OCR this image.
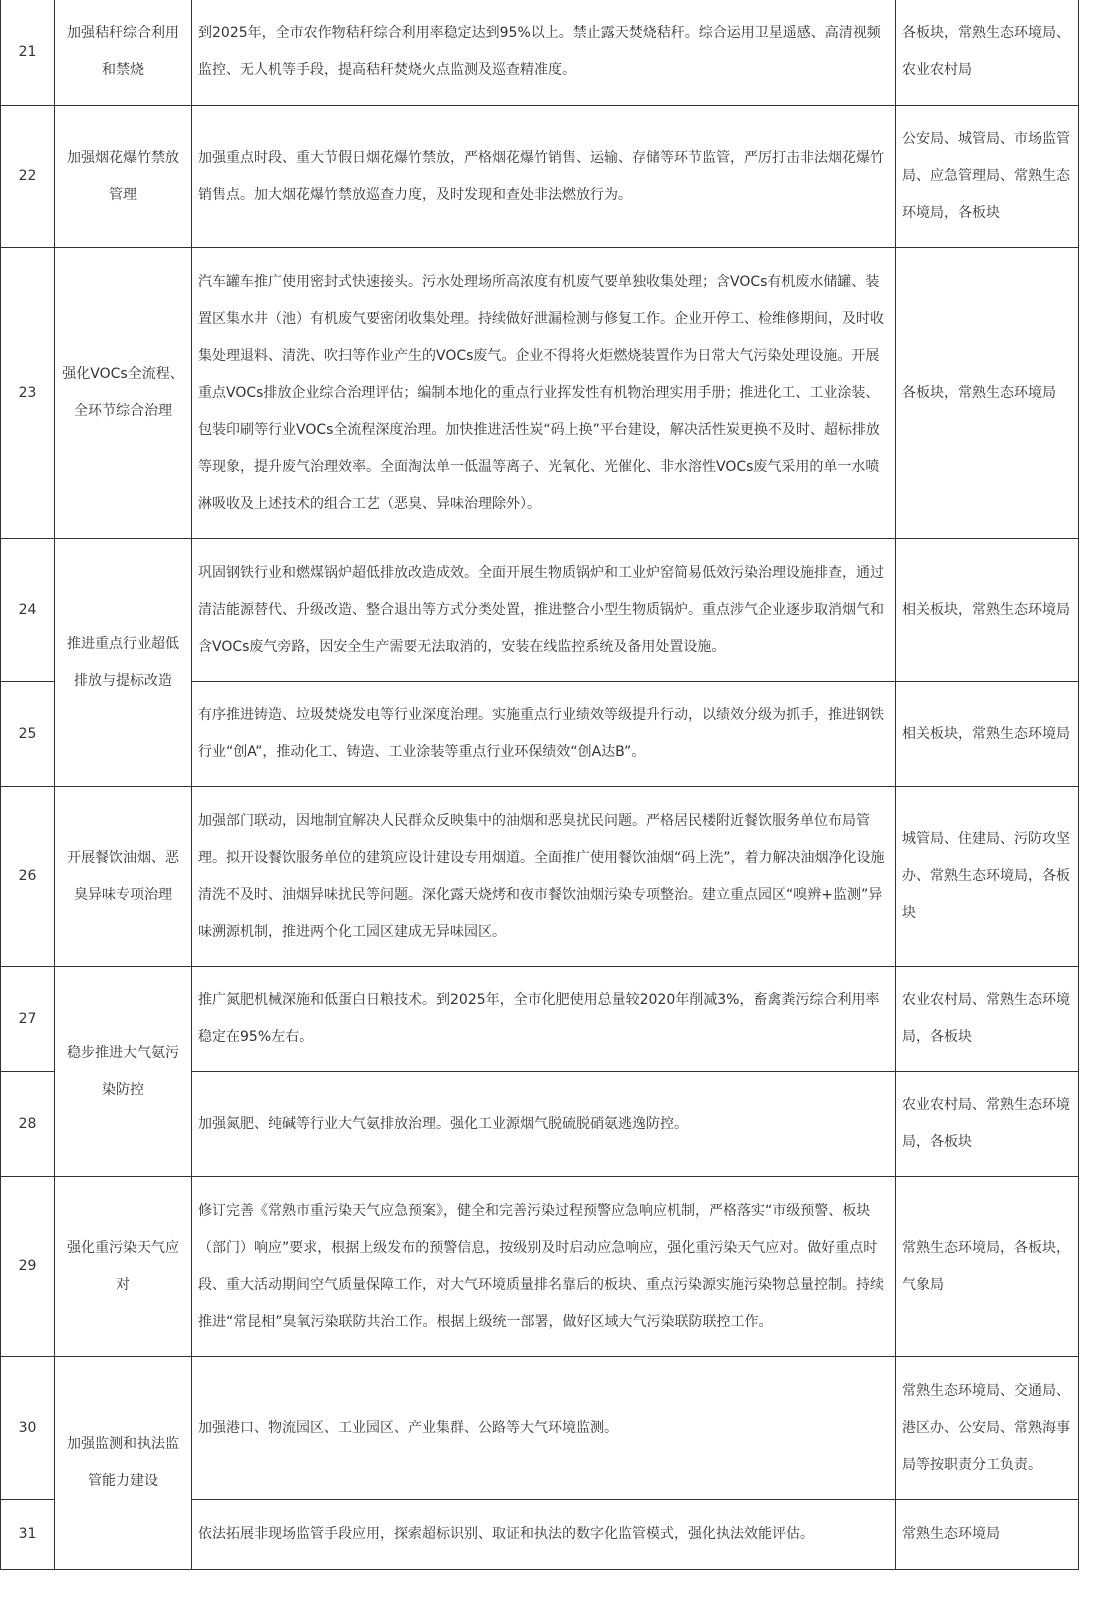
21	加强秸秆综合利用和禁烧	到2025年，全市农作物秸秆综合利用率稳定达到95%以上。禁止露天焚烧秸秆。综合运用卫星遥感、高清视频监控、无人机等手段，提高秸秆焚烧火点监测及巡查精准度。	各板块，常熟生态环境局、农业农村局
22	加强烟花爆竹禁放管理	加强重点时段、重大节假日烟花爆竹禁放，严格烟花爆竹销售、运输、存储等环节监管，严厉打击非法烟花爆竹销售点。加大烟花爆竹禁放巡查力度，及时发现和查处非法燃放行为。	公安局、城管局、市场监管局、应急管理局、常熟生态环境局，各板块
23	强化VOCs全流程、全环节综合治理	汽车罐车推广使用密封式快速接头。污水处理场所高浓度有机废气要单独收集处理；含VOCs有机废水储罐、装置区集水井（池）有机废气要密闭收集处理。持续做好泄漏检测与修复工作。企业开停工、检维修期间，及时收集处理退料、清洗、吹扫等作业产生的VOCs废气。企业不得将火炬燃烧装置作为日常大气污染处理设施。开展重点VOCs排放企业综合治理评估；编制本地化的重点行业挥发性有机物治理实用手册；推进化工、工业涂装、包装印刷等行业VOCs全流程深度治理。加快推进活性炭“码上换”平台建设，解决活性炭更换不及时、超标排放等现象，提升废气治理效率。全面淘汰单一低温等离子、光氧化、光催化、非水溶性VOCs废气采用的单一水喷淋吸收及上述技术的组合工艺（恶臭、异味治理除外）。	各板块，常熟生态环境局
24	推进重点行业超低排放与提标改造	巩固钢铁行业和燃煤锅炉超低排放改造成效。全面开展生物质锅炉和工业炉窑简易低效污染治理设施排查，通过清洁能源替代、升级改造、整合退出等方式分类处置，推进整合小型生物质锅炉。重点涉气企业逐步取消烟气和含VOCs废气旁路，因安全生产需要无法取消的，安装在线监控系统及备用处置设施。	相关板块，常熟生态环境局
25		有序推进铸造、垃圾焚烧发电等行业深度治理。实施重点行业绩效等级提升行动，以绩效分级为抓手，推进钢铁行业“创A”，推动化工、铸造、工业涂装等重点行业环保绩效“创A达B”。	相关板块，常熟生态环境局
26	开展餐饮油烟、恶臭异味专项治理	加强部门联动，因地制宜解决人民群众反映集中的油烟和恶臭扰民问题。严格居民楼附近餐饮服务单位布局管理。拟开设餐饮服务单位的建筑应设计建设专用烟道。全面推广使用餐饮油烟“码上洗”，着力解决油烟净化设施清洗不及时、油烟异味扰民等问题。深化露天烧烤和夜市餐饮油烟污染专项整治。建立重点园区“嗅辨+监测”异味溯源机制，推进两个化工园区建成无异味园区。	城管局、住建局、污防攻坚办、常熟生态环境局，各板块
27	稳步推进大气氨污染防控	推广氮肥机械深施和低蛋白日粮技术。到2025年，全市化肥使用总量较2020年削减3%，畜禽粪污综合利用率稳定在95%左右。	农业农村局、常熟生态环境局，各板块
28		加强氮肥、纯碱等行业大气氨排放治理。强化工业源烟气脱硫脱硝氨逃逸防控。	农业农村局、常熟生态环境局，各板块
29	强化重污染天气应对	修订完善《常熟市重污染天气应急预案》，健全和完善污染过程预警应急响应机制，严格落实“市级预警、板块（部门）响应”要求，根据上级发布的预警信息，按级别及时启动应急响应，强化重污染天气应对。做好重点时段、重大活动期间空气质量保障工作，对大气环境质量排名靠后的板块、重点污染源实施污染物总量控制。持续推进“常昆相”臭氧污染联防共治工作。根据上级统一部署，做好区域大气污染联防联控工作。	常熟生态环境局，各板块，气象局
30	加强监测和执法监管能力建设	加强港口、物流园区、工业园区、产业集群、公路等大气环境监测。	常熟生态环境局、交通局、港区办、公安局、常熟海事局等按职责分工负责。
31		依法拓展非现场监管手段应用，探索超标识别、取证和执法的数字化监管模式，强化执法效能评估。	常熟生态环境局
